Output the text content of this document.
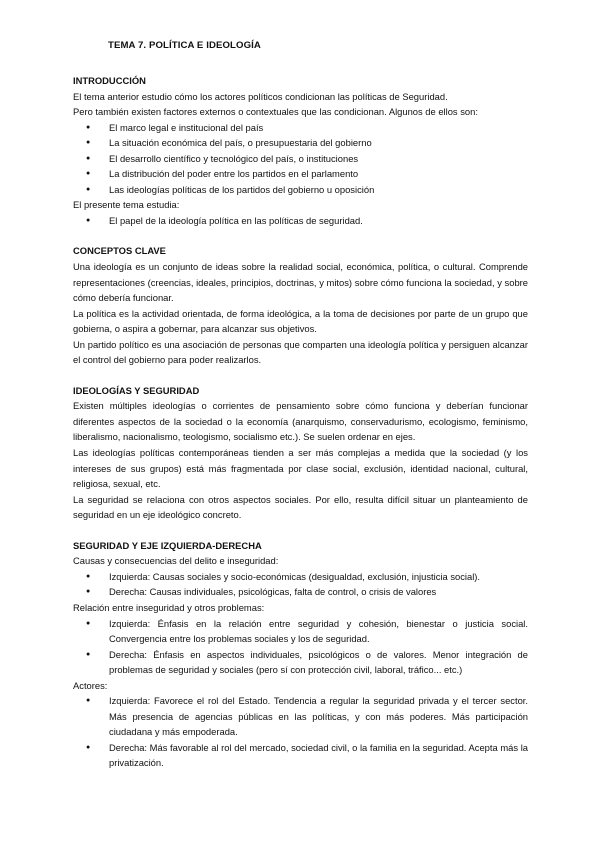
TEMA 7. POLÍTICA E IDEOLOGÍA
INTRODUCCIÓN

El tema anterior estudio cómo los actores políticos condicionan las políticas de Seguridad.

Pero también existen factores externos o contextuales que las condicionan. Algunos de ellos son:

● El marco legal e institucional del país
● La situación económica del país, o presupuestaria del gobierno
● El desarrollo científico y tecnológico del país, o instituciones
● La distribución del poder entre los partidos en el parlamento
● Las ideologías políticas de los partidos del gobierno u oposición

El presente tema estudia:

● El papel de la ideología política en las políticas de seguridad.
CONCEPTOS CLAVE

Una ideología es un conjunto de ideas sobre la realidad social, económica, política, o cultural. Comprende representaciones (creencias, ideales, principios, doctrinas, y mitos) sobre cómo funciona la sociedad, y sobre cómo debería funcionar.

La política es la actividad orientada, de forma ideológica, a la toma de decisiones por parte de un grupo que gobierna, o aspira a gobernar, para alcanzar sus objetivos.

Un partido político es una asociación de personas que comparten una ideología política y persiguen alcanzar el control del gobierno para poder realizarlos.

IDEOLOGÍAS Y SEGURIDAD

Existen múltiples ideologías o corrientes de pensamiento sobre cómo funciona y deberían funcionar diferentes aspectos de la sociedad o la economía (anarquismo, conservadurismo, ecologismo, feminismo, liberalismo, nacionalismo, teologismo, socialismo etc.). Se suelen ordenar en ejes.

Las ideologías políticas contemporáneas tienden a ser más complejas a medida que la sociedad (y los intereses de sus grupos) está más fragmentada por clase social, exclusión, identidad nacional, cultural, religiosa, sexual, etc.

La seguridad se relaciona con otros aspectos sociales. Por ello, resulta difícil situar un planteamiento de seguridad en un eje ideológico concreto.

SEGURIDAD Y EJE IZQUIERDA-DERECHA

Causas y consecuencias del delito e inseguridad:

● Izquierda: Causas sociales y socio-económicas (desigualdad, exclusión, injusticia social).
● Derecha: Causas individuales, psicológicas, falta de control, o crisis de valores

Relación entre inseguridad y otros problemas:

● Izquierda: Énfasis en la relación entre seguridad y cohesión, bienestar o justicia social. Convergencia entre los problemas sociales y los de seguridad.
● Derecha: Énfasis en aspectos individuales, psicológicos o de valores. Menor integración de problemas de seguridad y sociales (pero sí con protección civil, laboral, tráfico... etc.)

Actores:

● Izquierda: Favorece el rol del Estado. Tendencia a regular la seguridad privada y el tercer sector. Más presencia de agencias públicas en las políticas, y con más poderes. Más participación ciudadana y más empoderada.
● Derecha: Más favorable al rol del mercado, sociedad civil, o la familia en la seguridad. Acepta más la privatización.
